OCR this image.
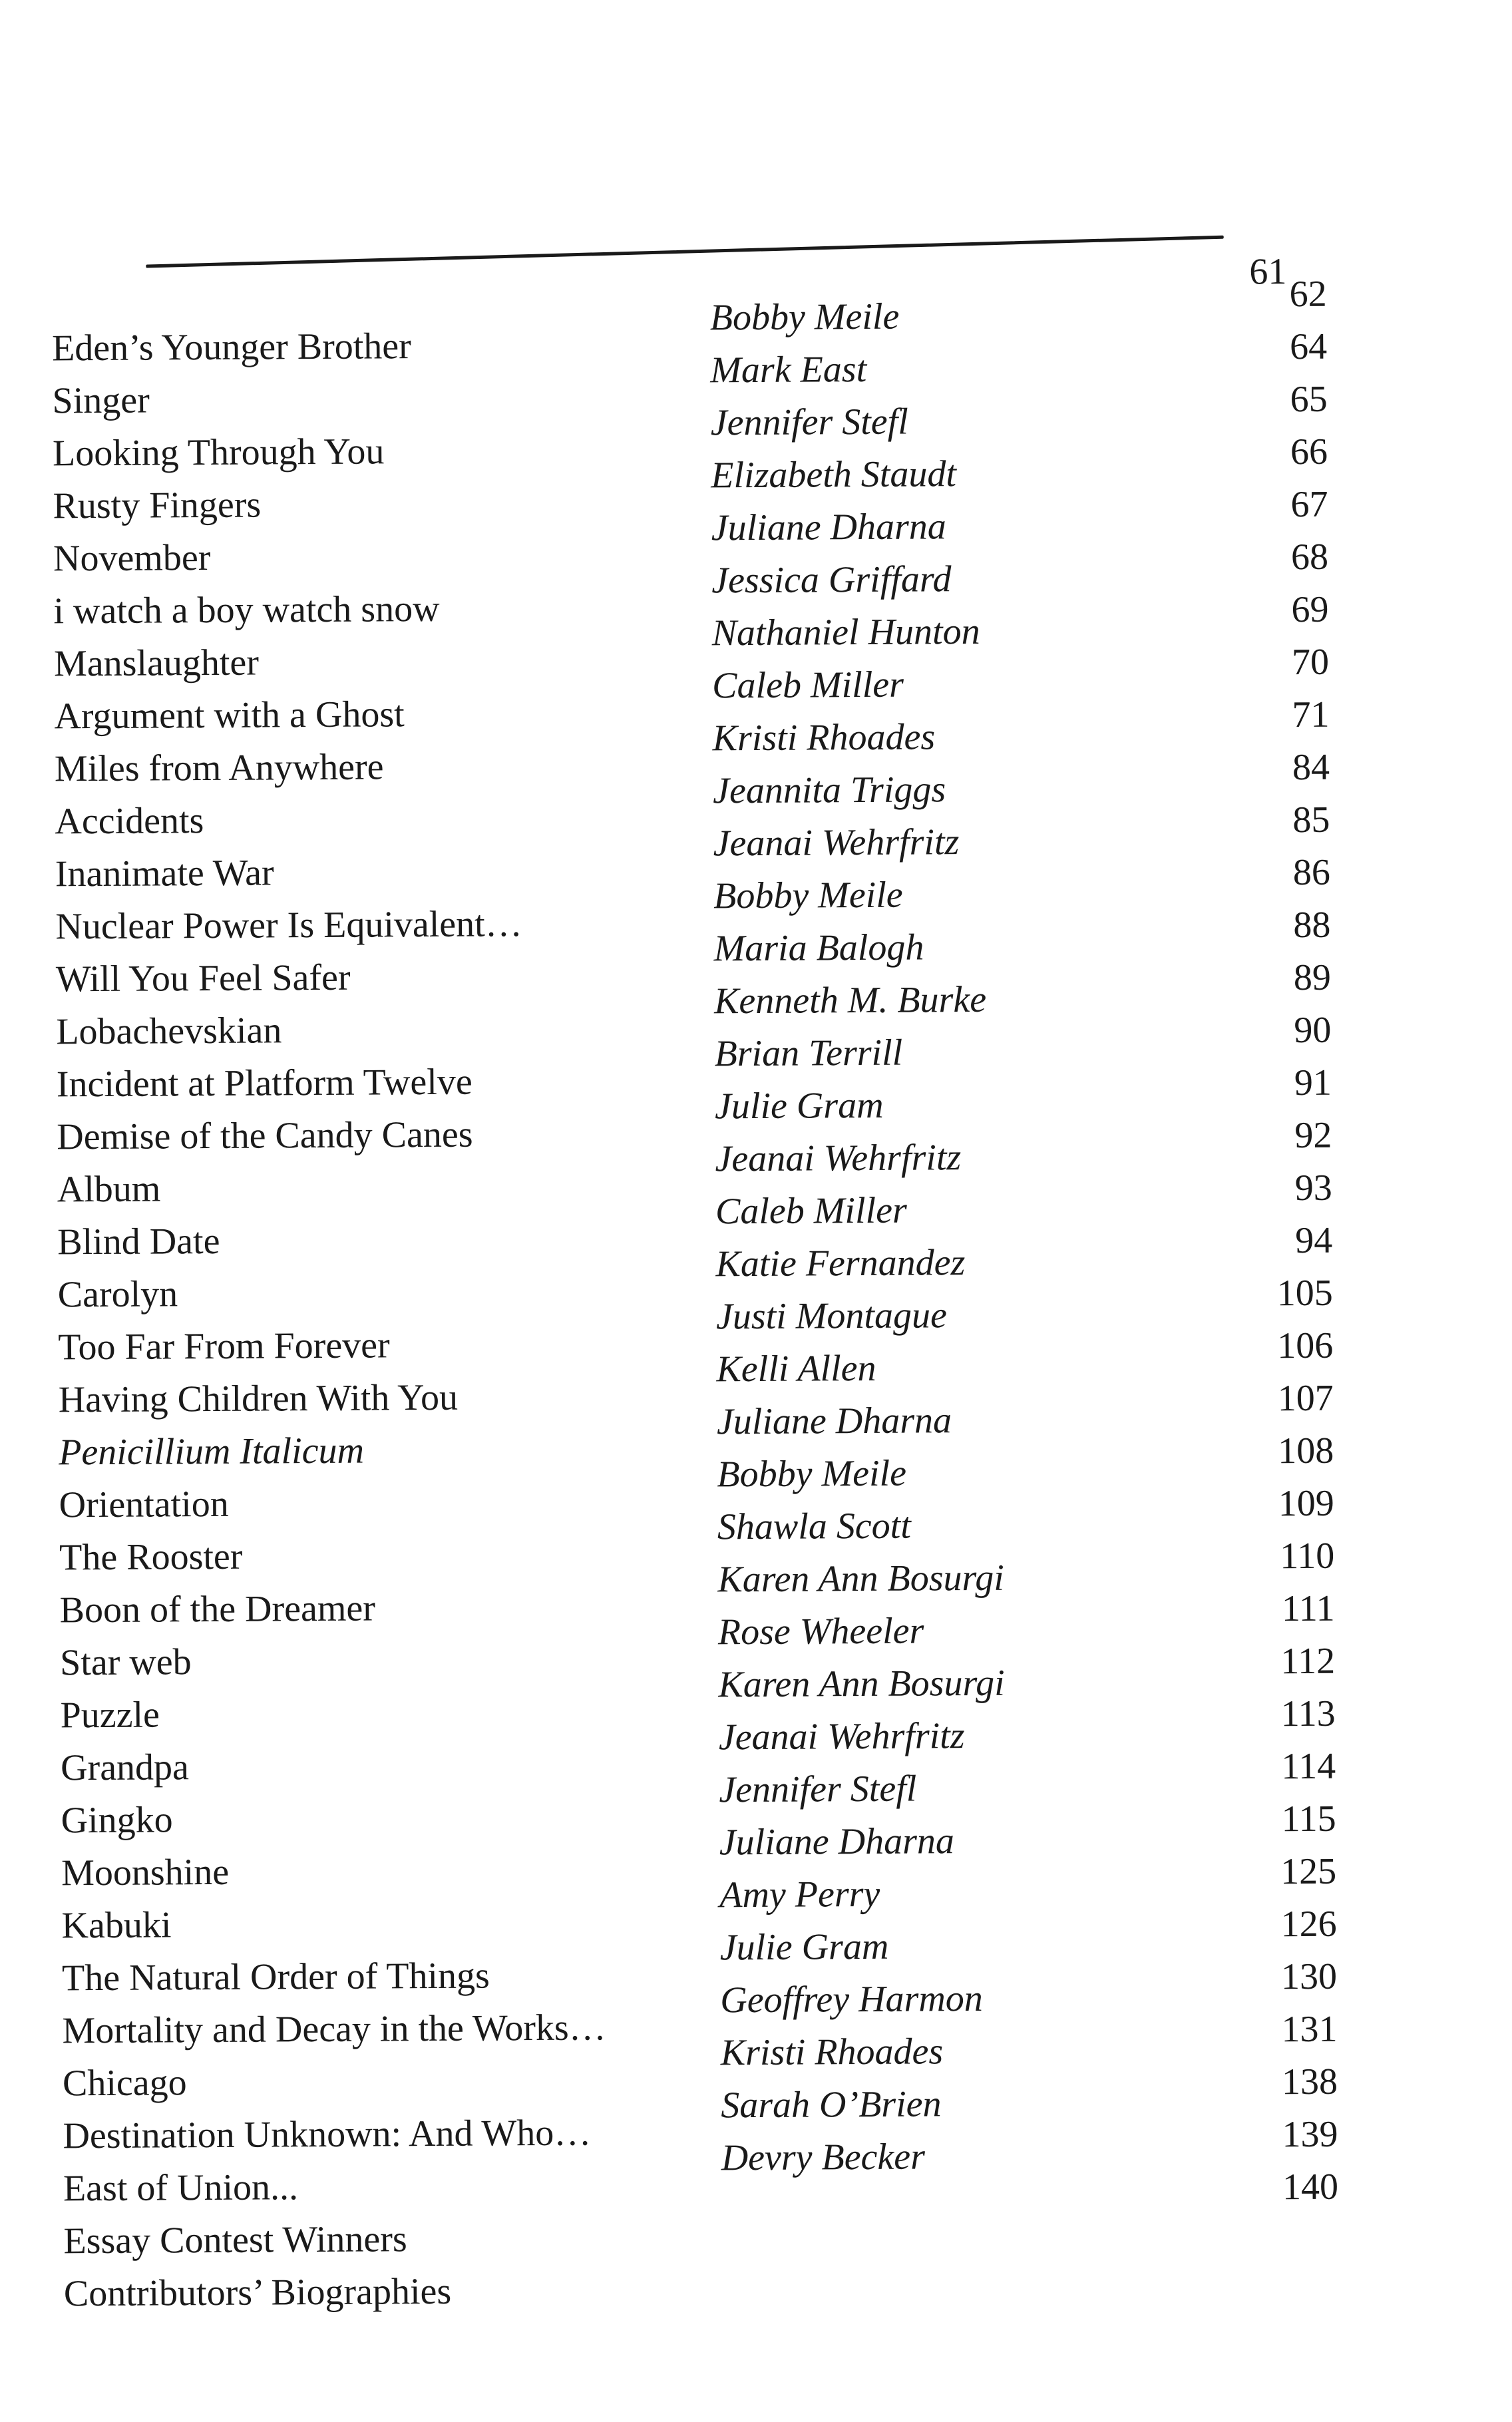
61
Eden’s Younger Brother
Bobby Meile
62
Singer
Mark East
64
Looking Through You
Jennifer Stefl
65
Rusty Fingers
Elizabeth Staudt
66
November
Juliane Dharna
67
i watch a boy watch snow
Jessica Griffard
68
Manslaughter
Nathaniel Hunton
69
Argument with a Ghost
Caleb Miller
70
Miles from Anywhere
Kristi Rhoades
71
Accidents
Jeannita Triggs
84
Inanimate War
Jeanai Wehrfritz
85
Nuclear Power Is Equivalent…
Bobby Meile
86
Will You Feel Safer
Maria Balogh
88
Lobachevskian
Kenneth M. Burke
89
Incident at Platform Twelve
Brian Terrill
90
Demise of the Candy Canes
Julie Gram
91
Album
Jeanai Wehrfritz
92
Blind Date
Caleb Miller
93
Carolyn
Katie Fernandez
94
Too Far From Forever
Justi Montague
105
Having Children With You
Kelli Allen
106
Penicillium Italicum
Juliane Dharna
107
Orientation
Bobby Meile
108
The Rooster
Shawla Scott
109
Boon of the Dreamer
Karen Ann Bosurgi
110
Star web
Rose Wheeler
111
Puzzle
Karen Ann Bosurgi
112
Grandpa
Jeanai Wehrfritz
113
Gingko
Jennifer Stefl
114
Moonshine
Juliane Dharna
115
Kabuki
Amy Perry
125
The Natural Order of Things
Julie Gram
126
Mortality and Decay in the Works…
Geoffrey Harmon
130
Chicago
Kristi Rhoades
131
Destination Unknown: And Who…
Sarah O’Brien
138
East of Union...
Devry Becker
139
Essay Contest Winners
140
Contributors’ Biographies
